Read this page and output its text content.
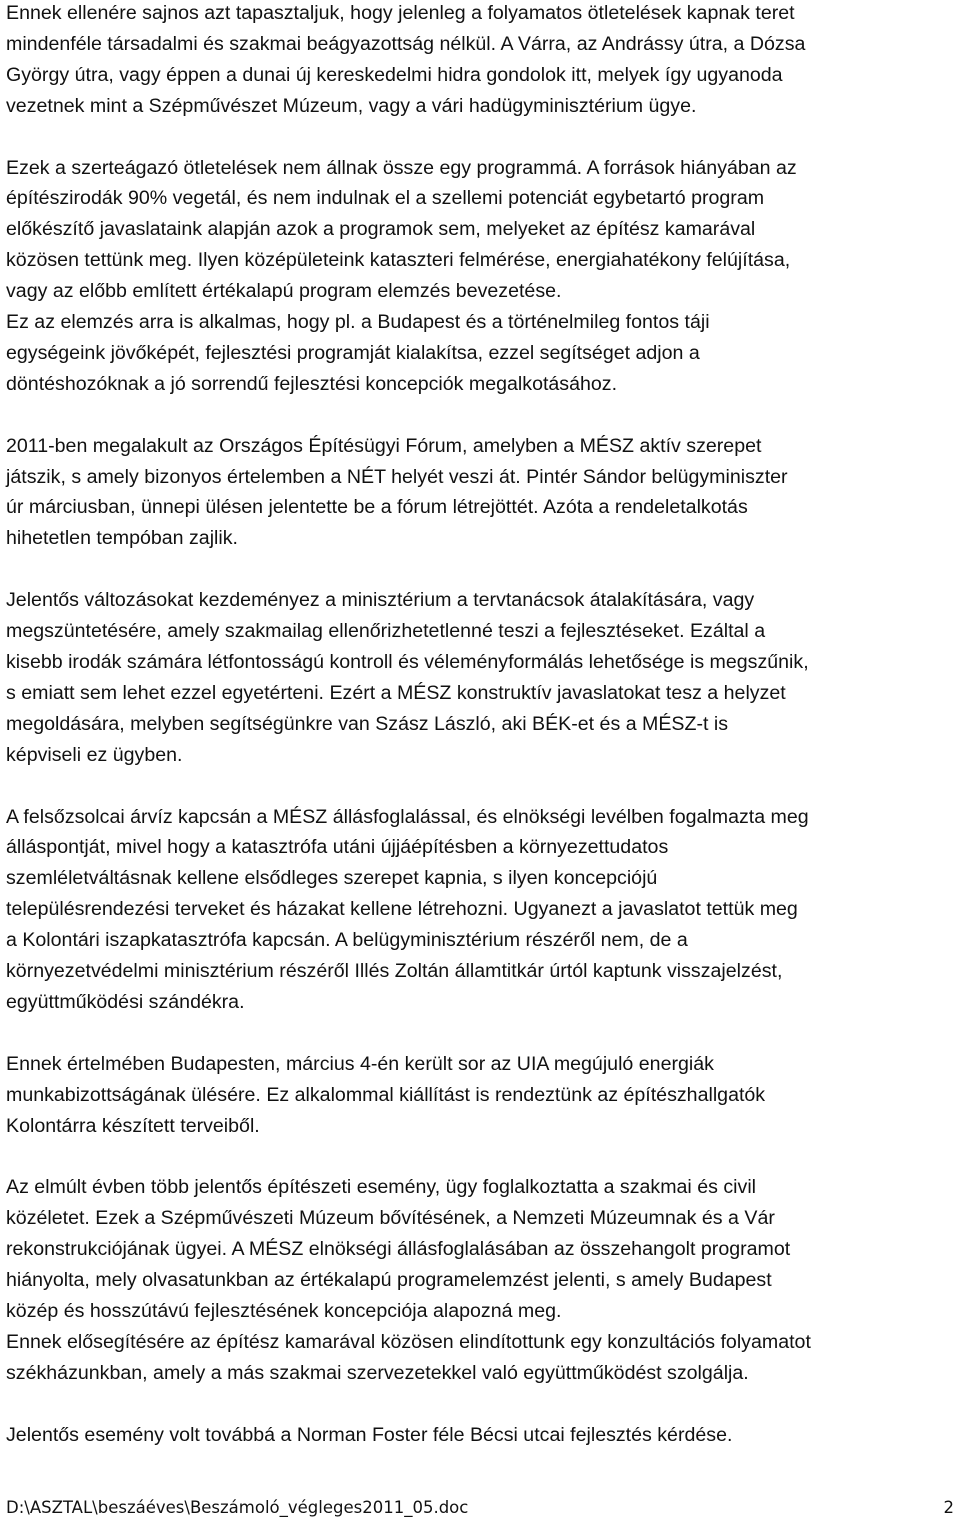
Ennek ellenére sajnos azt tapasztaljuk, hogy jelenleg a folyamatos ötletelések kapnak teret
mindenféle társadalmi és szakmai beágyazottság nélkül. A Várra, az Andrássy útra, a Dózsa
György útra, vagy éppen a dunai új kereskedelmi hidra gondolok itt, melyek így ugyanoda
vezetnek mint a Szépművészet Múzeum, vagy a vári hadügyminisztérium ügye.

Ezek a szerteágazó ötletelések nem állnak össze egy programmá. A források hiányában az
építészirodák 90% vegetál, és nem indulnak el a szellemi potenciát egybetartó program
előkészítő javaslataink alapján azok a programok sem, melyeket az építész kamarával
közösen tettünk meg. Ilyen középületeink kataszteri felmérése, energiahatékony felújítása,
vagy az előbb említett értékalapú program elemzés bevezetése.
Ez az elemzés arra is alkalmas, hogy pl. a Budapest és a történelmileg fontos táji
egységeink jövőképét, fejlesztési programját kialakítsa, ezzel segítséget adjon a
döntéshozóknak a jó sorrendű fejlesztési koncepciók megalkotásához.

2011-ben megalakult az Országos Építésügyi Fórum, amelyben a MÉSZ aktív szerepet
játszik, s amely bizonyos értelemben a NÉT helyét veszi át. Pintér Sándor belügyminiszter
úr márciusban, ünnepi ülésen jelentette be a fórum létrejöttét. Azóta a rendeletalkotás
hihetetlen tempóban zajlik.

Jelentős változásokat kezdeményez a minisztérium a tervtanácsok átalakítására, vagy
megszüntetésére, amely szakmailag ellenőrizhetetlenné teszi a fejlesztéseket. Ezáltal a
kisebb irodák számára létfontosságú kontroll és véleményformálás lehetősége is megszűnik,
s emiatt sem lehet ezzel egyetérteni. Ezért a MÉSZ konstruktív javaslatokat tesz a helyzet
megoldására, melyben segítségünkre van Szász László, aki BÉK-et és a MÉSZ-t is
képviseli ez ügyben.

A felsőzsolcai árvíz kapcsán a MÉSZ állásfoglalással, és elnökségi levélben fogalmazta meg
álláspontját, mivel hogy a katasztrófa utáni újjáépítésben a környezettudatos
szemléletváltásnak kellene elsődleges szerepet kapnia, s ilyen koncepciójú
településrendezési terveket és házakat kellene létrehozni. Ugyanezt a javaslatot tettük meg
a Kolontári iszapkatasztrófa kapcsán. A belügyminisztérium részéről nem, de a
környezetvédelmi minisztérium részéről Illés Zoltán államtitkár úrtól kaptunk visszajelzést,
együttműködési szándékra.

Ennek értelmében Budapesten, március 4-én került sor az UIA megújuló energiák
munkabizottságának ülésére. Ez alkalommal kiállítást is rendeztünk az építészhallgatók
Kolontárra készített terveiből.

Az elmúlt évben több jelentős építészeti esemény, ügy foglalkoztatta a szakmai és civil
közéletet. Ezek a Szépművészeti Múzeum bővítésének, a Nemzeti Múzeumnak és a Vár
rekonstrukciójának ügyei. A MÉSZ elnökségi állásfoglalásában az összehangolt programot
hiányolta, mely olvasatunkban az értékalapú programelemzést jelenti, s amely Budapest
közép és hosszútávú fejlesztésének koncepciója alapozná meg.
Ennek elősegítésére az építész kamarával közösen elindítottunk egy konzultációs folyamatot
székházunkban, amely a más szakmai szervezetekkel való együttműködést szolgálja.

Jelentős esemény volt továbbá a Norman Foster féle Bécsi utcai fejlesztés kérdése.

D:\ASZTAL\beszáéves\Beszámoló_végleges2011_05.doc	2
